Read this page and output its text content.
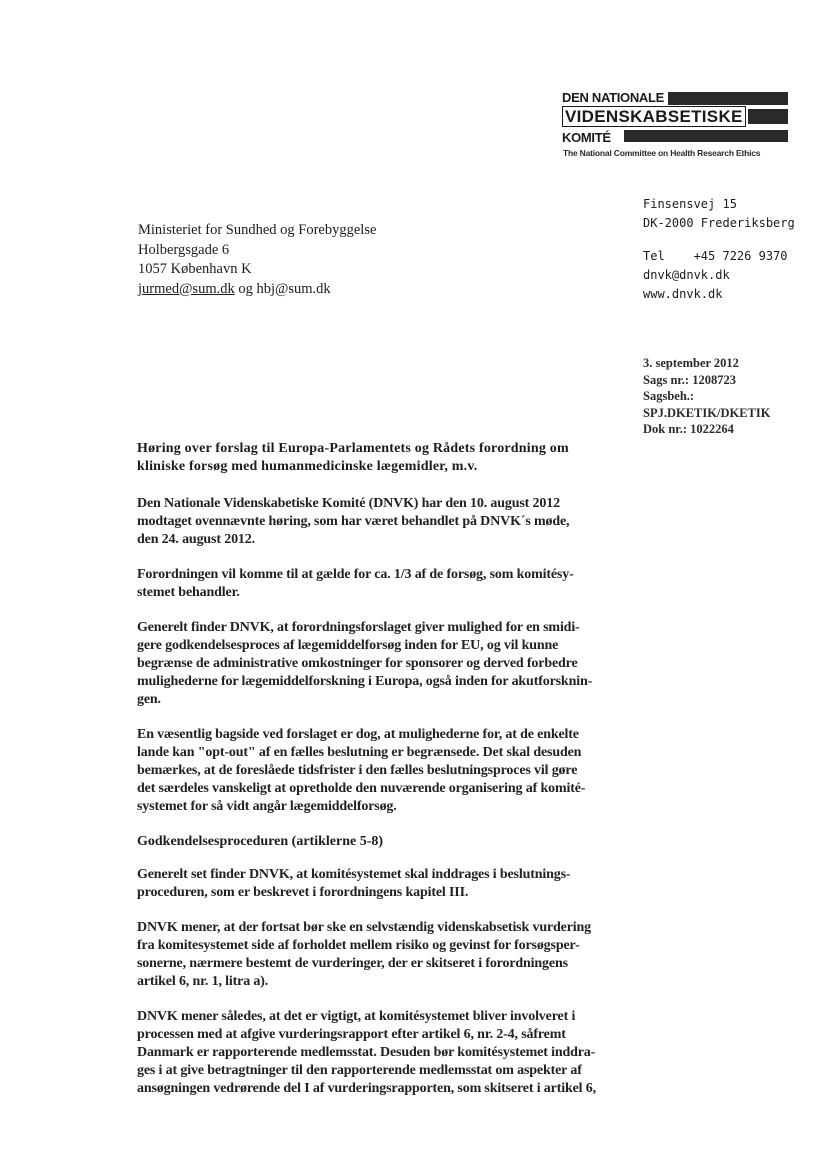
DEN NATIONALE
VIDENSKABSETISKE
KOMITÉ
The National Committee on Health Research Ethics
Ministeriet for Sundhed og Forebyggelse
Holbergsgade 6
1057 København K
jurmed@sum.dk og hbj@sum.dk
Finsensvej 15
DK-2000 Frederiksberg
Tel    +45 7226 9370
dnvk@dnvk.dk
www.dnvk.dk
3. september 2012
Sags nr.: 1208723
Sagsbeh.:
SPJ.DKETIK/DKETIK
Dok nr.: 1022264
Høring over forslag til Europa-Parlamentets og Rådets forordning om
kliniske forsøg med humanmedicinske lægemidler, m.v.

Den Nationale Videnskabetiske Komité (DNVK) har den 10. august 2012
modtaget ovennævnte høring, som har været behandlet på DNVK´s møde,
den 24. august 2012.

Forordningen vil komme til at gælde for ca. 1/3 af de forsøg, som komitésy-
stemet behandler.

Generelt finder DNVK, at forordningsforslaget giver mulighed for en smidi-
gere godkendelsesproces af lægemiddelforsøg inden for EU, og vil kunne
begrænse de administrative omkostninger for sponsorer og derved forbedre
mulighederne for lægemiddelforskning i Europa, også inden for akutforsknin-
gen.

En væsentlig bagside ved forslaget er dog, at mulighederne for, at de enkelte
lande kan "opt-out" af en fælles beslutning er begrænsede. Det skal desuden
bemærkes, at de foreslåede tidsfrister i den fælles beslutningsproces vil gøre
det særdeles vanskeligt at opretholde den nuværende organisering af komité-
systemet for så vidt angår lægemiddelforsøg.

Godkendelsesproceduren (artiklerne 5-8)

Generelt set finder DNVK, at komitésystemet skal inddrages i beslutnings-
proceduren, som er beskrevet i forordningens kapitel III.

DNVK mener, at der fortsat bør ske en selvstændig videnskabsetisk vurdering
fra komitesystemet side af forholdet mellem risiko og gevinst for forsøgsper-
sonerne, nærmere bestemt de vurderinger, der er skitseret i forordningens
artikel 6, nr. 1, litra a).

DNVK mener således, at det er vigtigt, at komitésystemet bliver involveret i
processen med at afgive vurderingsrapport efter artikel 6, nr. 2-4, såfremt
Danmark er rapporterende medlemsstat. Desuden bør komitésystemet inddra-
ges i at give betragtninger til den rapporterende medlemsstat om aspekter af
ansøgningen vedrørende del I af vurderingsrapporten, som skitseret i artikel 6,
